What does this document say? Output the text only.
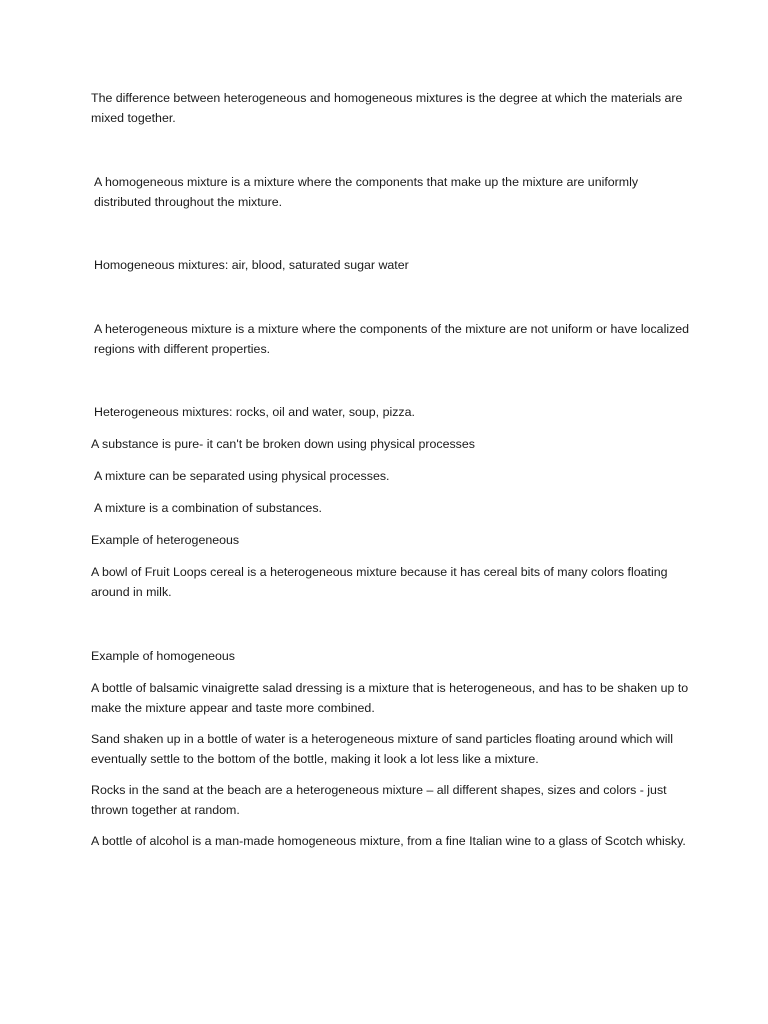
The difference between heterogeneous and homogeneous mixtures is the degree at which the materials are mixed together.

A homogeneous mixture is a mixture where the components that make up the mixture are uniformly distributed throughout the mixture.

Homogeneous mixtures: air, blood, saturated sugar water

A heterogeneous mixture is a mixture where the components of the mixture are not uniform or have localized regions with different properties.

Heterogeneous mixtures: rocks, oil and water, soup, pizza.

A substance is pure- it can't be broken down using physical processes

A mixture can be separated using physical processes.

A mixture is a combination of substances.

Example of heterogeneous

A bowl of Fruit Loops cereal is a heterogeneous mixture because it has cereal bits of many colors floating around in milk.

Example of homogeneous

A bottle of balsamic vinaigrette salad dressing is a mixture that is heterogeneous, and has to be shaken up to make the mixture appear and taste more combined.

Sand shaken up in a bottle of water is a heterogeneous mixture of sand particles floating around which will eventually settle to the bottom of the bottle, making it look a lot less like a mixture.

Rocks in the sand at the beach are a heterogeneous mixture – all different shapes, sizes and colors - just thrown together at random.

A bottle of alcohol is a man-made homogeneous mixture, from a fine Italian wine to a glass of Scotch whisky.
